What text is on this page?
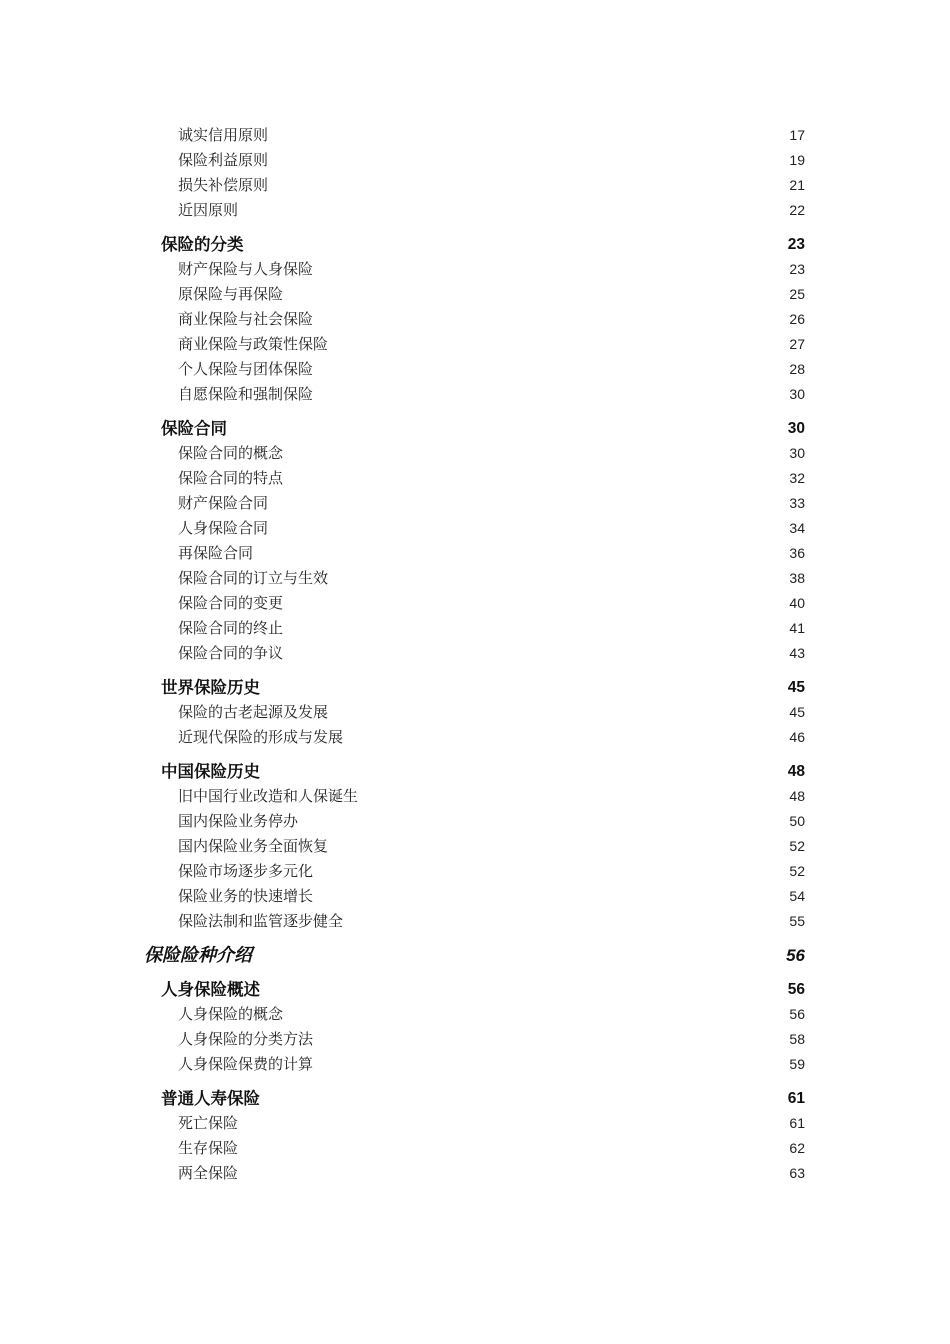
诚实信用原则	17
保险利益原则	19
损失补偿原则	21
近因原则	22
保险的分类	23
财产保险与人身保险	23
原保险与再保险	25
商业保险与社会保险	26
商业保险与政策性保险	27
个人保险与团体保险	28
自愿保险和强制保险	30
保险合同	30
保险合同的概念	30
保险合同的特点	32
财产保险合同	33
人身保险合同	34
再保险合同	36
保险合同的订立与生效	38
保险合同的变更	40
保险合同的终止	41
保险合同的争议	43
世界保险历史	45
保险的古老起源及发展	45
近现代保险的形成与发展	46
中国保险历史	48
旧中国行业改造和人保诞生	48
国内保险业务停办	50
国内保险业务全面恢复	52
保险市场逐步多元化	52
保险业务的快速增长	54
保险法制和监管逐步健全	55
保险险种介绍	56
人身保险概述	56
人身保险的概念	56
人身保险的分类方法	58
人身保险保费的计算	59
普通人寿保险	61
死亡保险	61
生存保险	62
两全保险	63
